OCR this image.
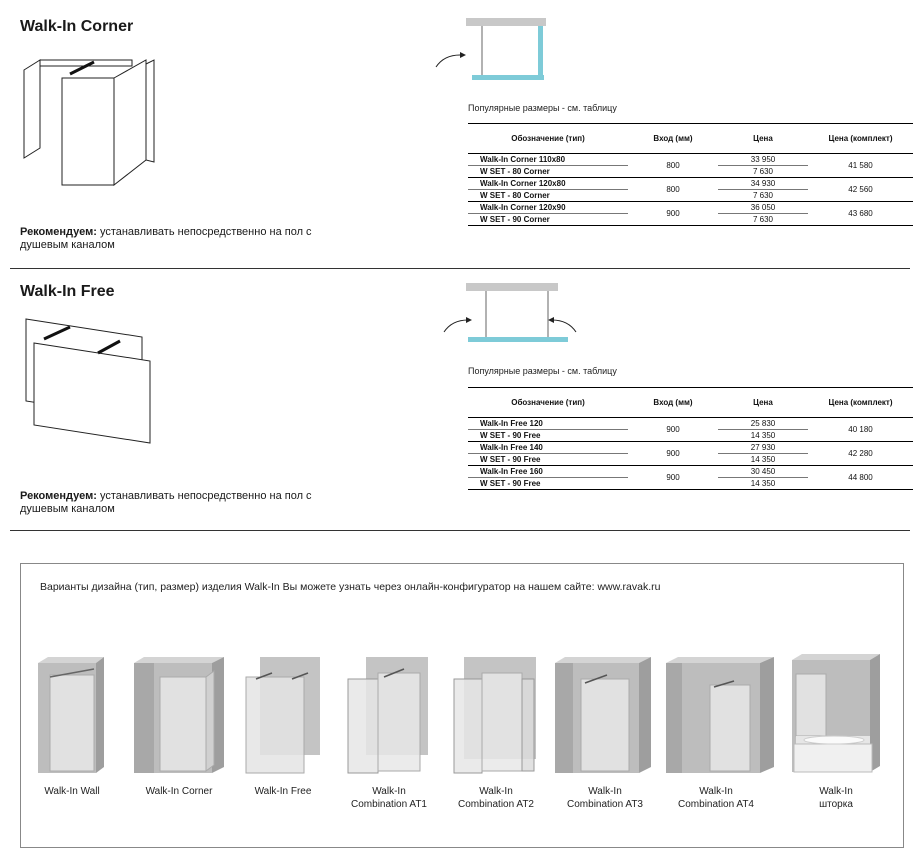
Walk-In Corner
Рекомендуем: устанавливать непосредственно на пол с душевым каналом
Популярные размеры - см. таблицу
Обозначение (тип)	Вход (мм)	Цена	Цена (комплект)
Walk-In Corner 110x80	800	33 950	41 580
W SET - 80 Corner		7 630	
Walk-In Corner 120x80	800	34 930	42 560
W SET - 80 Corner		7 630	
Walk-In Corner 120x90	900	36 050	43 680
W SET - 90 Corner		7 630	
Walk-In Free
Рекомендуем: устанавливать непосредственно на пол с душевым каналом
Популярные размеры - см. таблицу
Обозначение (тип)	Вход (мм)	Цена	Цена (комплект)
Walk-In Free 120	900	25 830	40 180
W SET - 90 Free		14 350	
Walk-In Free 140	900	27 930	42 280
W SET - 90 Free		14 350	
Walk-In Free 160	900	30 450	44 800
W SET - 90 Free		14 350	
Варианты дизайна (тип, размер) изделия Walk-In Вы можете узнать через онлайн-конфигуратор на нашем сайте: www.ravak.ru
Walk-In Wall	Walk-In Corner	Walk-In Free	Walk-In
Combination AT1
Walk-In
Combination AT2
Walk-In
Combination AT3
Walk-In
Combination AT4
Walk-In
шторка
